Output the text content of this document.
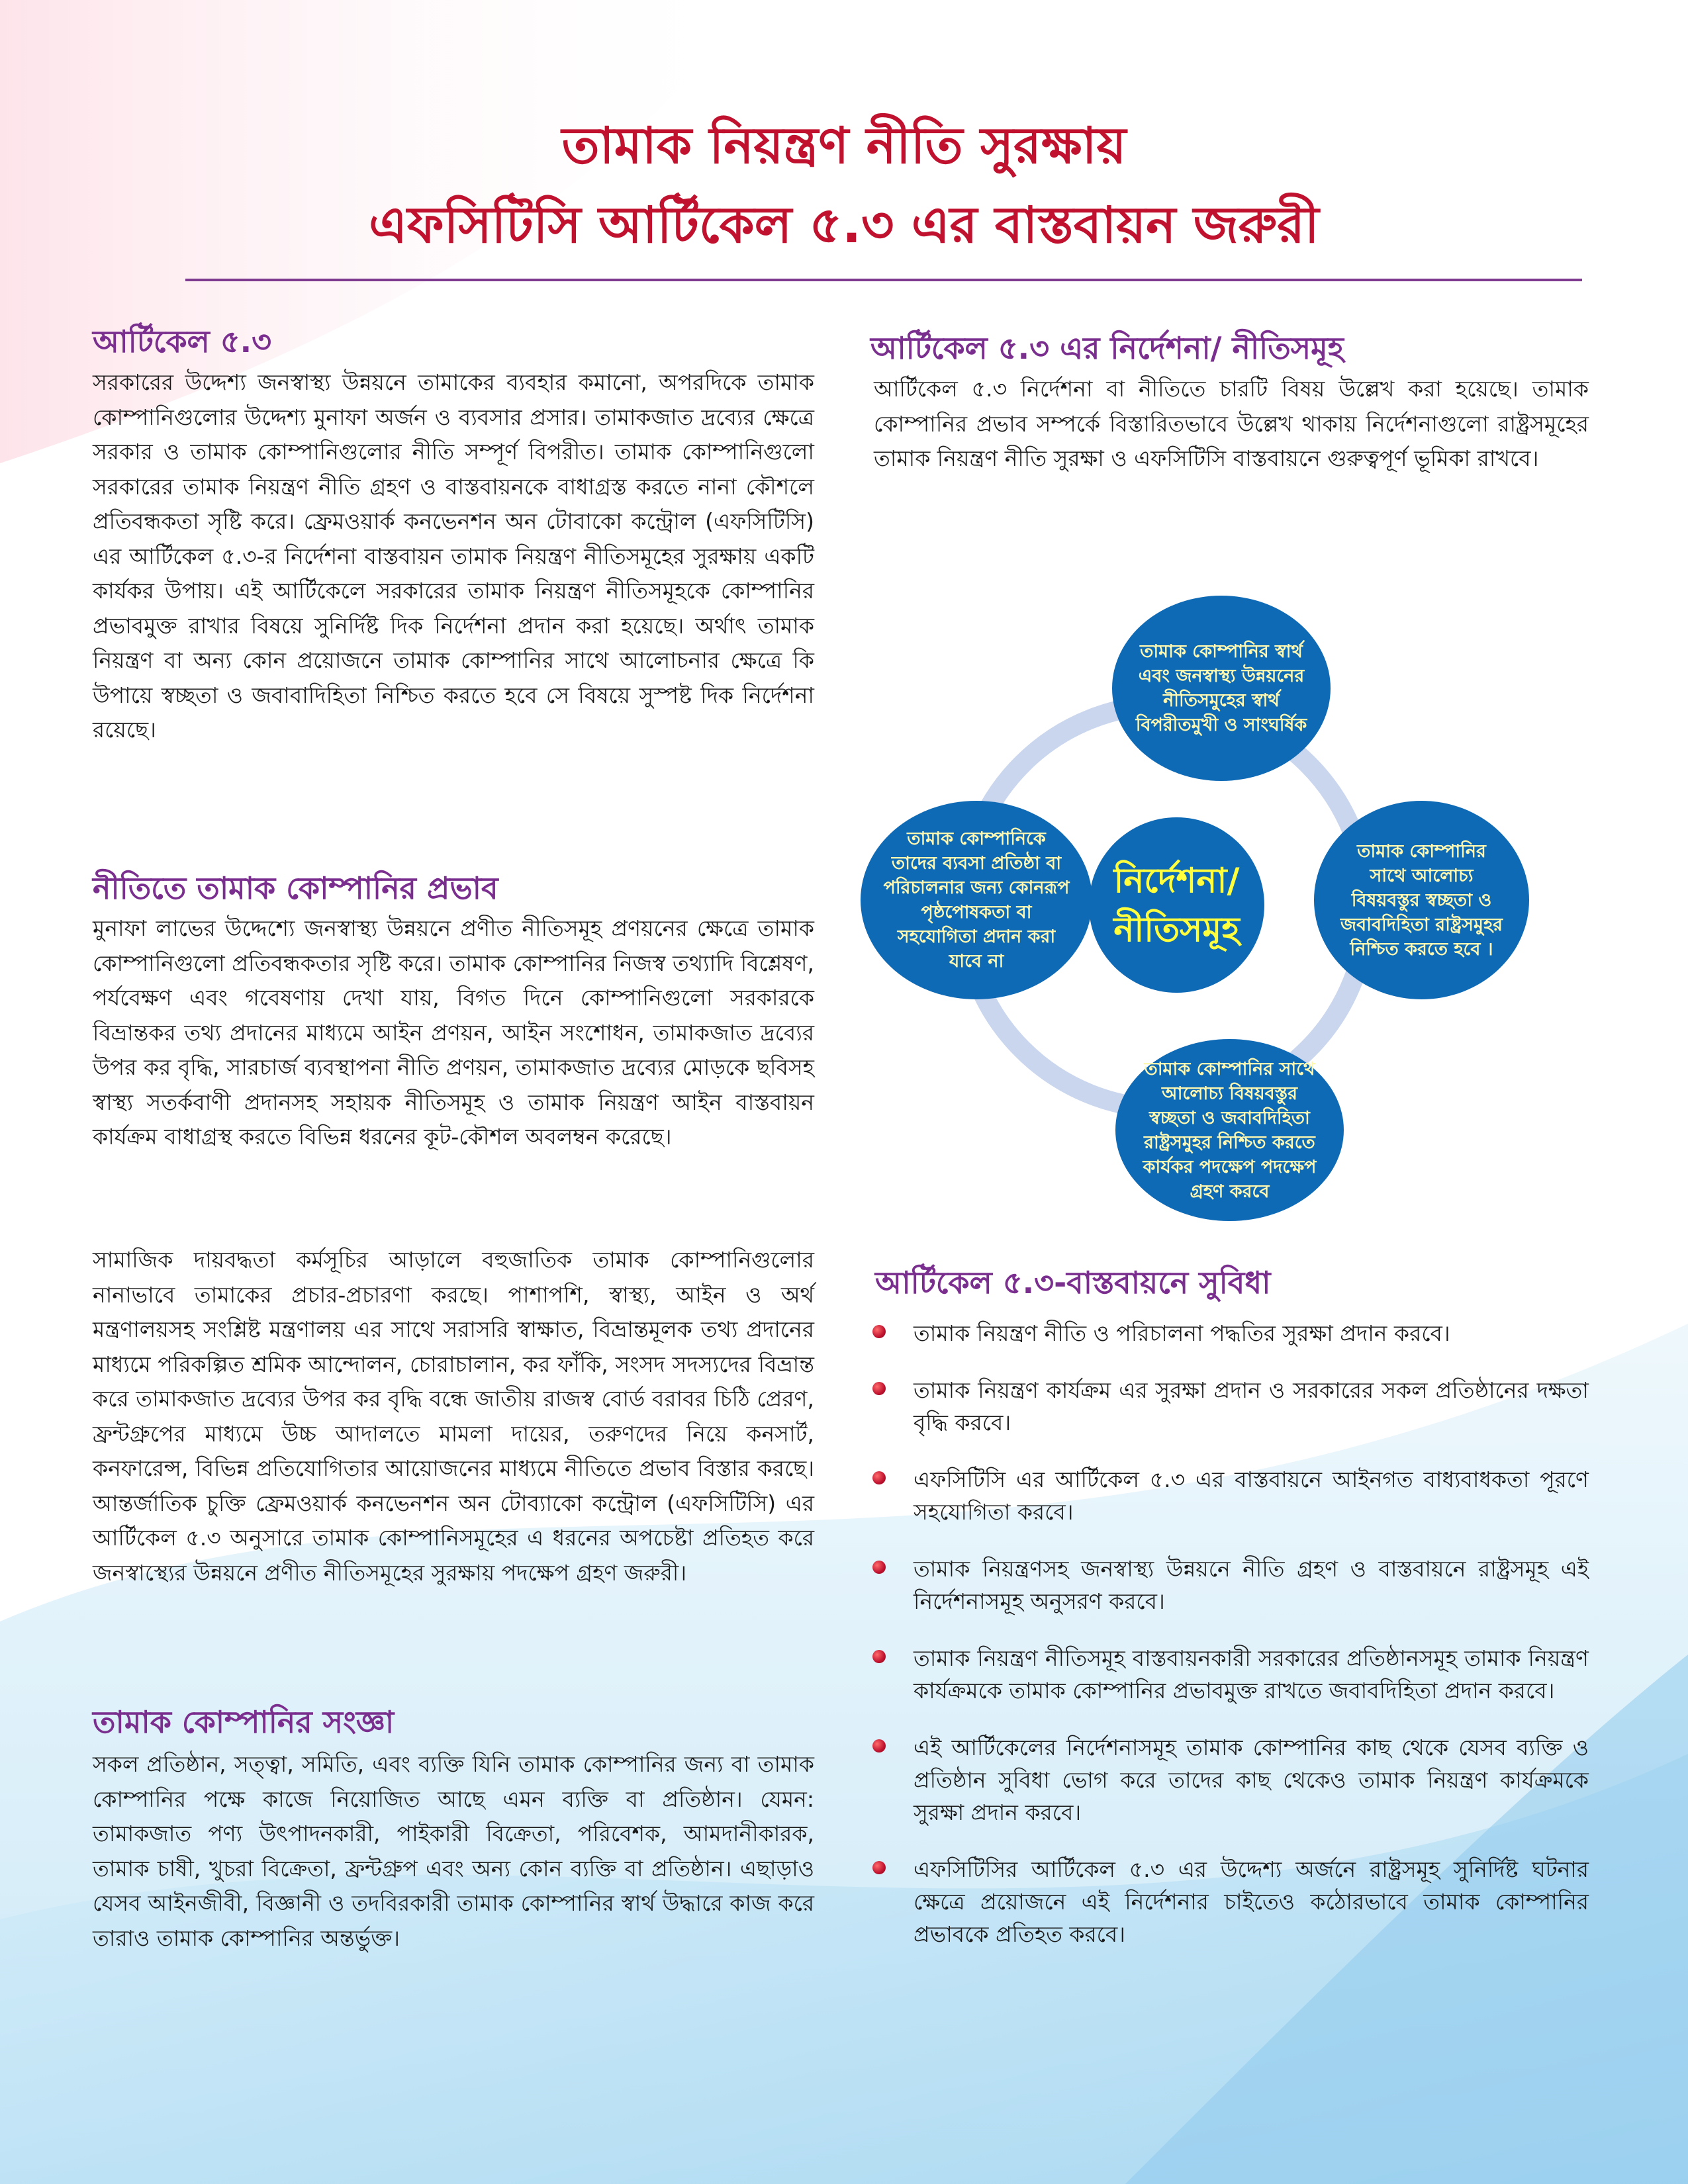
তামাক নিয়ন্ত্রণ নীতি সুরক্ষায়
এফসিটিসি আর্টিকেল ৫.৩ এর বাস্তবায়ন জরুরী
আর্টিকেল ৫.৩

সরকারের উদ্দেশ্য জনস্বাস্থ্য উন্নয়নে তামাকের ব্যবহার কমানো, অপরদিকে তামাক কোম্পানিগুলোর উদ্দেশ্য মুনাফা অর্জন ও ব্যবসার প্রসার। তামাকজাত দ্রব্যের ক্ষেত্রে সরকার ও তামাক কোম্পানিগুলোর নীতি সম্পূর্ণ বিপরীত। তামাক কোম্পানিগুলো সরকারের তামাক নিয়ন্ত্রণ নীতি গ্রহণ ও বাস্তবায়নকে বাধাগ্রস্ত করতে নানা কৌশলে প্রতিবন্ধকতা সৃষ্টি করে। ফ্রেমওয়ার্ক কনভেনশন অন টোবাকো কন্ট্রোল (এফসিটিসি) এর আর্টিকেল ৫.৩-র নির্দেশনা বাস্তবায়ন তামাক নিয়ন্ত্রণ নীতিসমূহের সুরক্ষায় একটি কার্যকর উপায়। এই আর্টিকেলে সরকারের তামাক নিয়ন্ত্রণ নীতিসমূহকে কোম্পানির প্রভাবমুক্ত রাখার বিষয়ে সুনির্দিষ্ট দিক নির্দেশনা প্রদান করা হয়েছে। অর্থাৎ তামাক নিয়ন্ত্রণ বা অন্য কোন প্রয়োজনে তামাক কোম্পানির সাথে আলোচনার ক্ষেত্রে কি উপায়ে স্বচ্ছতা ও জবাবাদিহিতা নিশ্চিত করতে হবে সে বিষয়ে সুস্পষ্ট দিক নির্দেশনা রয়েছে।

নীতিতে তামাক কোম্পানির প্রভাব

মুনাফা লাভের উদ্দেশ্যে জনস্বাস্থ্য উন্নয়নে প্রণীত নীতিসমূহ প্রণয়নের ক্ষেত্রে তামাক কোম্পানিগুলো প্রতিবন্ধকতার সৃষ্টি করে। তামাক কোম্পানির নিজস্ব তথ্যাদি বিশ্লেষণ, পর্যবেক্ষণ এবং গবেষণায় দেখা যায়, বিগত দিনে কোম্পানিগুলো সরকারকে বিভ্রান্তকর তথ্য প্রদানের মাধ্যমে আইন প্রণয়ন, আইন সংশোধন, তামাকজাত দ্রব্যের উপর কর বৃদ্ধি, সারচার্জ ব্যবস্থাপনা নীতি প্রণয়ন, তামাকজাত দ্রব্যের মোড়কে ছবিসহ স্বাস্থ্য সতর্কবাণী প্রদানসহ সহায়ক নীতিসমূহ ও তামাক নিয়ন্ত্রণ আইন বাস্তবায়ন কার্যক্রম বাধাগ্রস্থ করতে বিভিন্ন ধরনের কূট-কৌশল অবলম্বন করেছে।

সামাজিক দায়বদ্ধতা কর্মসূচির আড়ালে বহুজাতিক তামাক কোম্পানিগুলোর নানাভাবে তামাকের প্রচার-প্রচারণা করছে। পাশাপশি, স্বাস্থ্য, আইন ও অর্থ মন্ত্রণালয়সহ সংশ্লিষ্ট মন্ত্রণালয় এর সাথে সরাসরি স্বাক্ষাত, বিভ্রান্তমূলক তথ্য প্রদানের মাধ্যমে পরিকল্পিত শ্রমিক আন্দোলন, চোরাচালান, কর ফাঁকি, সংসদ সদস্যদের বিভ্রান্ত করে তামাকজাত দ্রব্যের উপর কর বৃদ্ধি বন্ধে জাতীয় রাজস্ব বোর্ড বরাবর চিঠি প্রেরণ, ফ্রন্টগ্রুপের মাধ্যমে উচ্চ আদালতে মামলা দায়ের, তরুণদের নিয়ে কনসার্ট, কনফারেন্স, বিভিন্ন প্রতিযোগিতার আয়োজনের মাধ্যমে নীতিতে প্রভাব বিস্তার করছে। আন্তর্জাতিক চুক্তি ফ্রেমওয়ার্ক কনভেনশন অন টোব্যাকো কন্ট্রোল (এফসিটিসি) এর আর্টিকেল ৫.৩ অনুসারে তামাক কোম্পানিসমূহের এ ধরনের অপচেষ্টা প্রতিহত করে জনস্বাস্থ্যের উন্নয়নে প্রণীত নীতিসমূহের সুরক্ষায় পদক্ষেপ গ্রহণ জরুরী।

তামাক কোম্পানির সংজ্ঞা

সকল প্রতিষ্ঠান, সত্ত্বা, সমিতি, এবং ব্যক্তি যিনি তামাক কোম্পানির জন্য বা তামাক কোম্পানির পক্ষে কাজে নিয়োজিত আছে এমন ব্যক্তি বা প্রতিষ্ঠান। যেমন: তামাকজাত পণ্য উৎপাদনকারী, পাইকারী বিক্রেতা, পরিবেশক, আমদানীকারক, তামাক চাষী, খুচরা বিক্রেতা, ফ্রন্টগ্রুপ এবং অন্য কোন ব্যক্তি বা প্রতিষ্ঠান। এছাড়াও যেসব আইনজীবী, বিজ্ঞানী ও তদবিরকারী তামাক কোম্পানির স্বার্থ উদ্ধারে কাজ করে তারাও তামাক কোম্পানির অন্তর্ভুক্ত।

আর্টিকেল ৫.৩ এর নির্দেশনা/ নীতিসমূহ

আর্টিকেল ৫.৩ নির্দেশনা বা নীতিতে চারটি বিষয় উল্লেখ করা হয়েছে। তামাক কোম্পানির প্রভাব সম্পর্কে বিস্তারিতভাবে উল্লেখ থাকায় নির্দেশনাগুলো রাষ্ট্রসমূহের তামাক নিয়ন্ত্রণ নীতি সুরক্ষা ও এফসিটিসি বাস্তবায়নে গুরুত্বপূর্ণ ভূমিকা রাখবে।

তামাক কোম্পানির স্বার্থ এবং জনস্বাস্থ্য উন্নয়নের নীতিসমুহের স্বার্থ বিপরীতমুখী ও সাংঘর্ষিক
তামাক কোম্পানিকে তাদের ব্যবসা প্রতিষ্ঠা বা পরিচালনার জন্য কোনরূপ পৃষ্ঠপোষকতা বা সহযোগিতা প্রদান করা যাবে না
তামাক কোম্পানির সাথে আলোচ্য বিষয়বস্তুর স্বচ্ছতা ও জবাবদিহিতা রাষ্ট্রসমুহর নিশ্চিত করতে হবে ।
তামাক কোম্পানির সাথে আলোচ্য বিষয়বস্তুর স্বচ্ছতা ও জবাবদিহিতা রাষ্ট্রসমুহর নিশ্চিত করতে কার্যকর পদক্ষেপ পদক্ষেপ গ্রহণ করবে
নির্দেশনা/ নীতিসমূহ
আর্টিকেল ৫.৩-বাস্তবায়নে সুবিধা
তামাক নিয়ন্ত্রণ নীতি ও পরিচালনা পদ্ধতির সুরক্ষা প্রদান করবে।
তামাক নিয়ন্ত্রণ কার্যক্রম এর সুরক্ষা প্রদান ও সরকারের সকল প্রতিষ্ঠানের দক্ষতা বৃদ্ধি করবে।
এফসিটিসি এর আর্টিকেল ৫.৩ এর বাস্তবায়নে আইনগত বাধ্যবাধকতা পূরণে সহযোগিতা করবে।
তামাক নিয়ন্ত্রণসহ জনস্বাস্থ্য উন্নয়নে নীতি গ্রহণ ও বাস্তবায়নে রাষ্ট্রসমূহ এই নির্দেশনাসমূহ অনুসরণ করবে।
তামাক নিয়ন্ত্রণ নীতিসমূহ বাস্তবায়নকারী সরকারের প্রতিষ্ঠানসমূহ তামাক নিয়ন্ত্রণ কার্যক্রমকে তামাক কোম্পানির প্রভাবমুক্ত রাখতে জবাবদিহিতা প্রদান করবে।
এই আর্টিকেলের নির্দেশনাসমূহ তামাক কোম্পানির কাছ থেকে যেসব ব্যক্তি ও প্রতিষ্ঠান সুবিধা ভোগ করে তাদের কাছ থেকেও তামাক নিয়ন্ত্রণ কার্যক্রমকে সুরক্ষা প্রদান করবে।
এফসিটিসির আর্টিকেল ৫.৩ এর উদ্দেশ্য অর্জনে রাষ্ট্রসমূহ সুনির্দিষ্ট ঘটনার ক্ষেত্রে প্রয়োজনে এই নির্দেশনার চাইতেও কঠোরভাবে তামাক কোম্পানির প্রভাবকে প্রতিহত করবে।
